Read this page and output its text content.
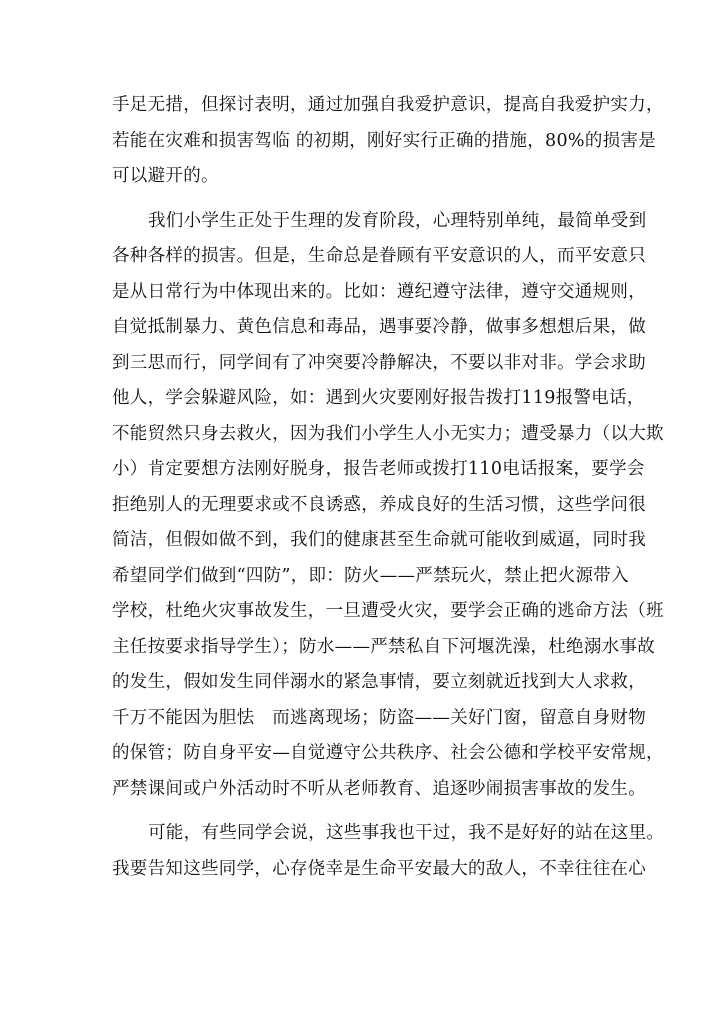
手足无措，但探讨表明，通过加强自我爱护意识，提高自我爱护实力，
若能在灾难和损害驾临 的初期，刚好实行正确的措施，80%的损害是
可以避开的。
我们小学生正处于生理的发育阶段，心理特别单纯，最简单受到
各种各样的损害。但是，生命总是眷顾有平安意识的人，而平安意只
是从日常行为中体现出来的。比如：遵纪遵守法律，遵守交通规则，
自觉抵制暴力、黄色信息和毒品，遇事要冷静，做事多想想后果，做
到三思而行，同学间有了冲突要冷静解决，不要以非对非。学会求助
他人，学会躲避风险，如：遇到火灾要刚好报告拨打119报警电话，
不能贸然只身去救火，因为我们小学生人小无实力；遭受暴力（以大欺
小）肯定要想方法刚好脱身，报告老师或拨打110电话报案，要学会
拒绝别人的无理要求或不良诱惑，养成良好的生活习惯，这些学问很
简洁，但假如做不到，我们的健康甚至生命就可能收到威逼，同时我
希望同学们做到“四防”，即：防火——严禁玩火，禁止把火源带入
学校，杜绝火灾事故发生，一旦遭受火灾，要学会正确的逃命方法（班
主任按要求指导学生）；防水——严禁私自下河堰洗澡，杜绝溺水事故
的发生，假如发生同伴溺水的紧急事情，要立刻就近找到大人求救，
千万不能因为胆怯　而逃离现场；防盗——关好门窗，留意自身财物
的保管；防自身平安—自觉遵守公共秩序、社会公德和学校平安常规，
严禁课间或户外活动时不听从老师教育、追逐吵闹损害事故的发生。
可能，有些同学会说，这些事我也干过，我不是好好的站在这里。
我要告知这些同学，心存侥幸是生命平安最大的敌人，不幸往往在心
